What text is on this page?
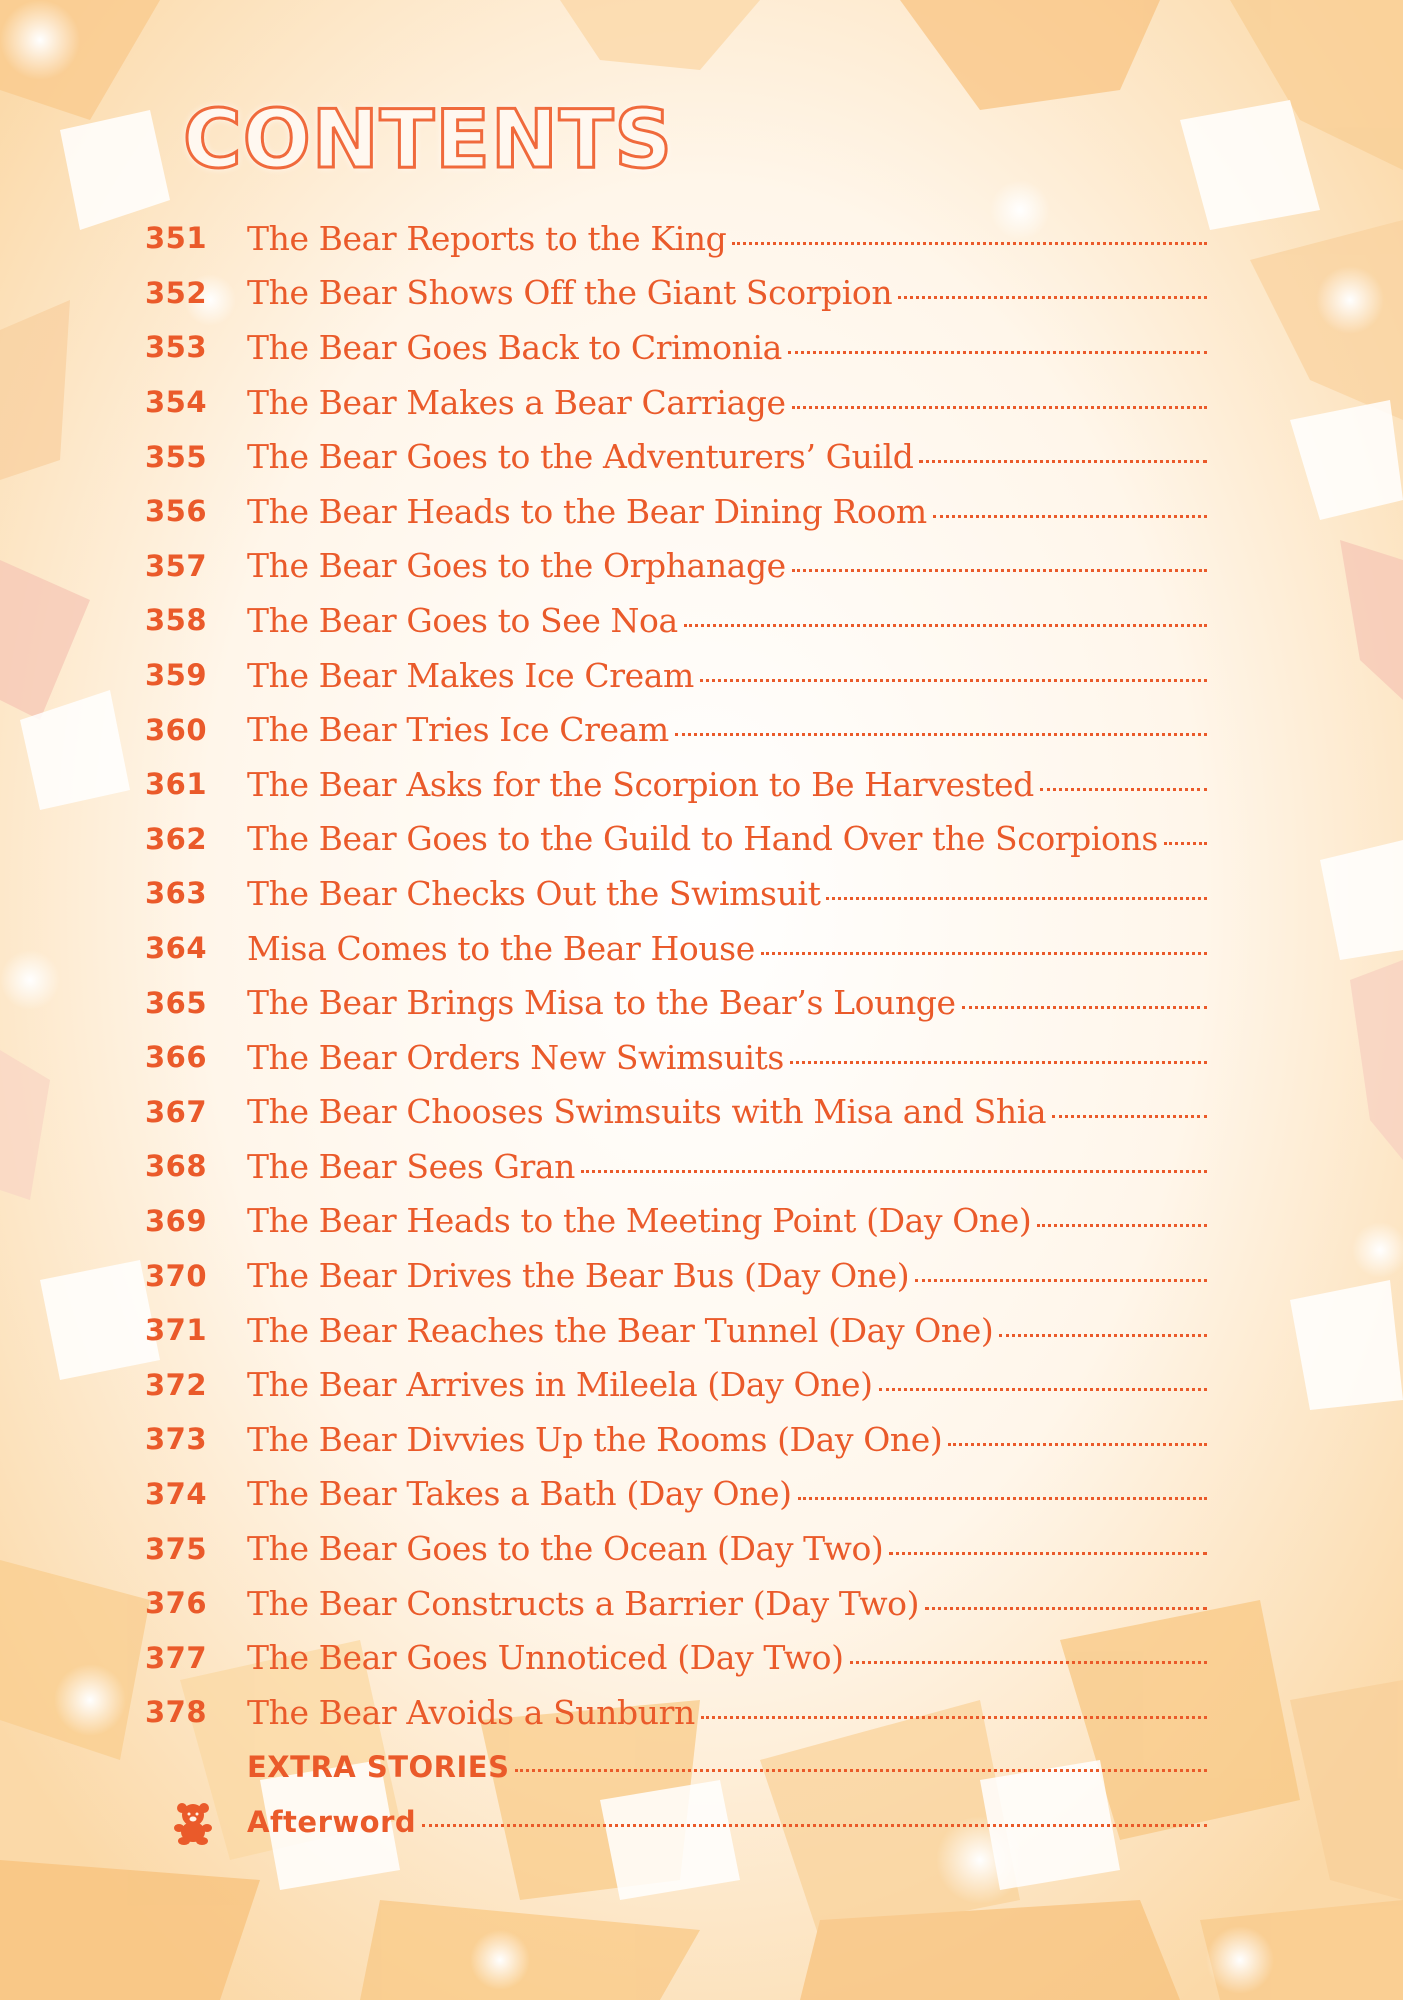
CONTENTS
351	The Bear Reports to the King
352	The Bear Shows Off the Giant Scorpion
353	The Bear Goes Back to Crimonia
354	The Bear Makes a Bear Carriage
355	The Bear Goes to the Adventurers’ Guild
356	The Bear Heads to the Bear Dining Room
357	The Bear Goes to the Orphanage
358	The Bear Goes to See Noa
359	The Bear Makes Ice Cream
360	The Bear Tries Ice Cream
361	The Bear Asks for the Scorpion to Be Harvested
362	The Bear Goes to the Guild to Hand Over the Scorpions
363	The Bear Checks Out the Swimsuit
364	Misa Comes to the Bear House
365	The Bear Brings Misa to the Bear’s Lounge
366	The Bear Orders New Swimsuits
367	The Bear Chooses Swimsuits with Misa and Shia
368	The Bear Sees Gran
369	The Bear Heads to the Meeting Point (Day One)
370	The Bear Drives the Bear Bus (Day One)
371	The Bear Reaches the Bear Tunnel (Day One)
372	The Bear Arrives in Mileela (Day One)
373	The Bear Divvies Up the Rooms (Day One)
374	The Bear Takes a Bath (Day One)
375	The Bear Goes to the Ocean (Day Two)
376	The Bear Constructs a Barrier (Day Two)
377	The Bear Goes Unnoticed (Day Two)
378	The Bear Avoids a Sunburn
EXTRA STORIES
Afterword
